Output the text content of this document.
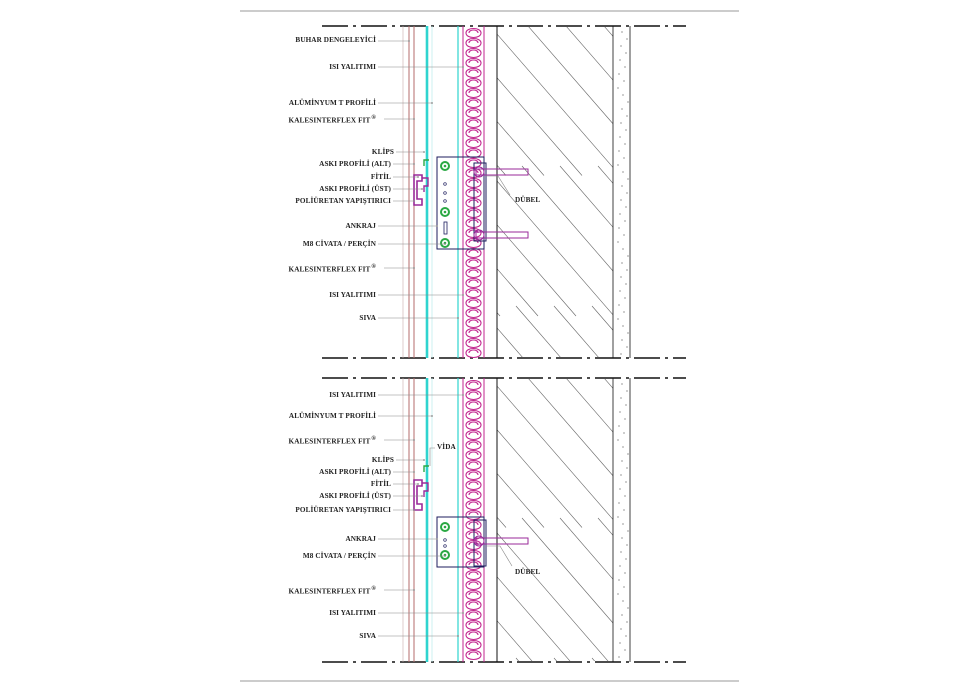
BUHAR DENGELEYİCİ
ISI YALITIMI
ALÜMİNYUM T PROFİLİ
KALESINTERFLEX FIT®
KLİPS
ASKI PROFİLİ (ALT)
FİTİL
ASKI PROFİLİ (ÜST)
POLİÜRETAN YAPIŞTIRICI
ANKRAJ
M8 CİVATA / PERÇİN
KALESINTERFLEX FIT®
ISI YALITIMI
SIVA
DÜBEL
ISI YALITIMI
ALÜMİNYUM T PROFİLİ
KALESINTERFLEX FIT®
KLİPS
ASKI PROFİLİ (ALT)
FİTİL
ASKI PROFİLİ (ÜST)
POLİÜRETAN YAPIŞTIRICI
ANKRAJ
M8 CİVATA / PERÇİN
KALESINTERFLEX FIT®
ISI YALITIMI
SIVA
VİDA
DÜBEL
